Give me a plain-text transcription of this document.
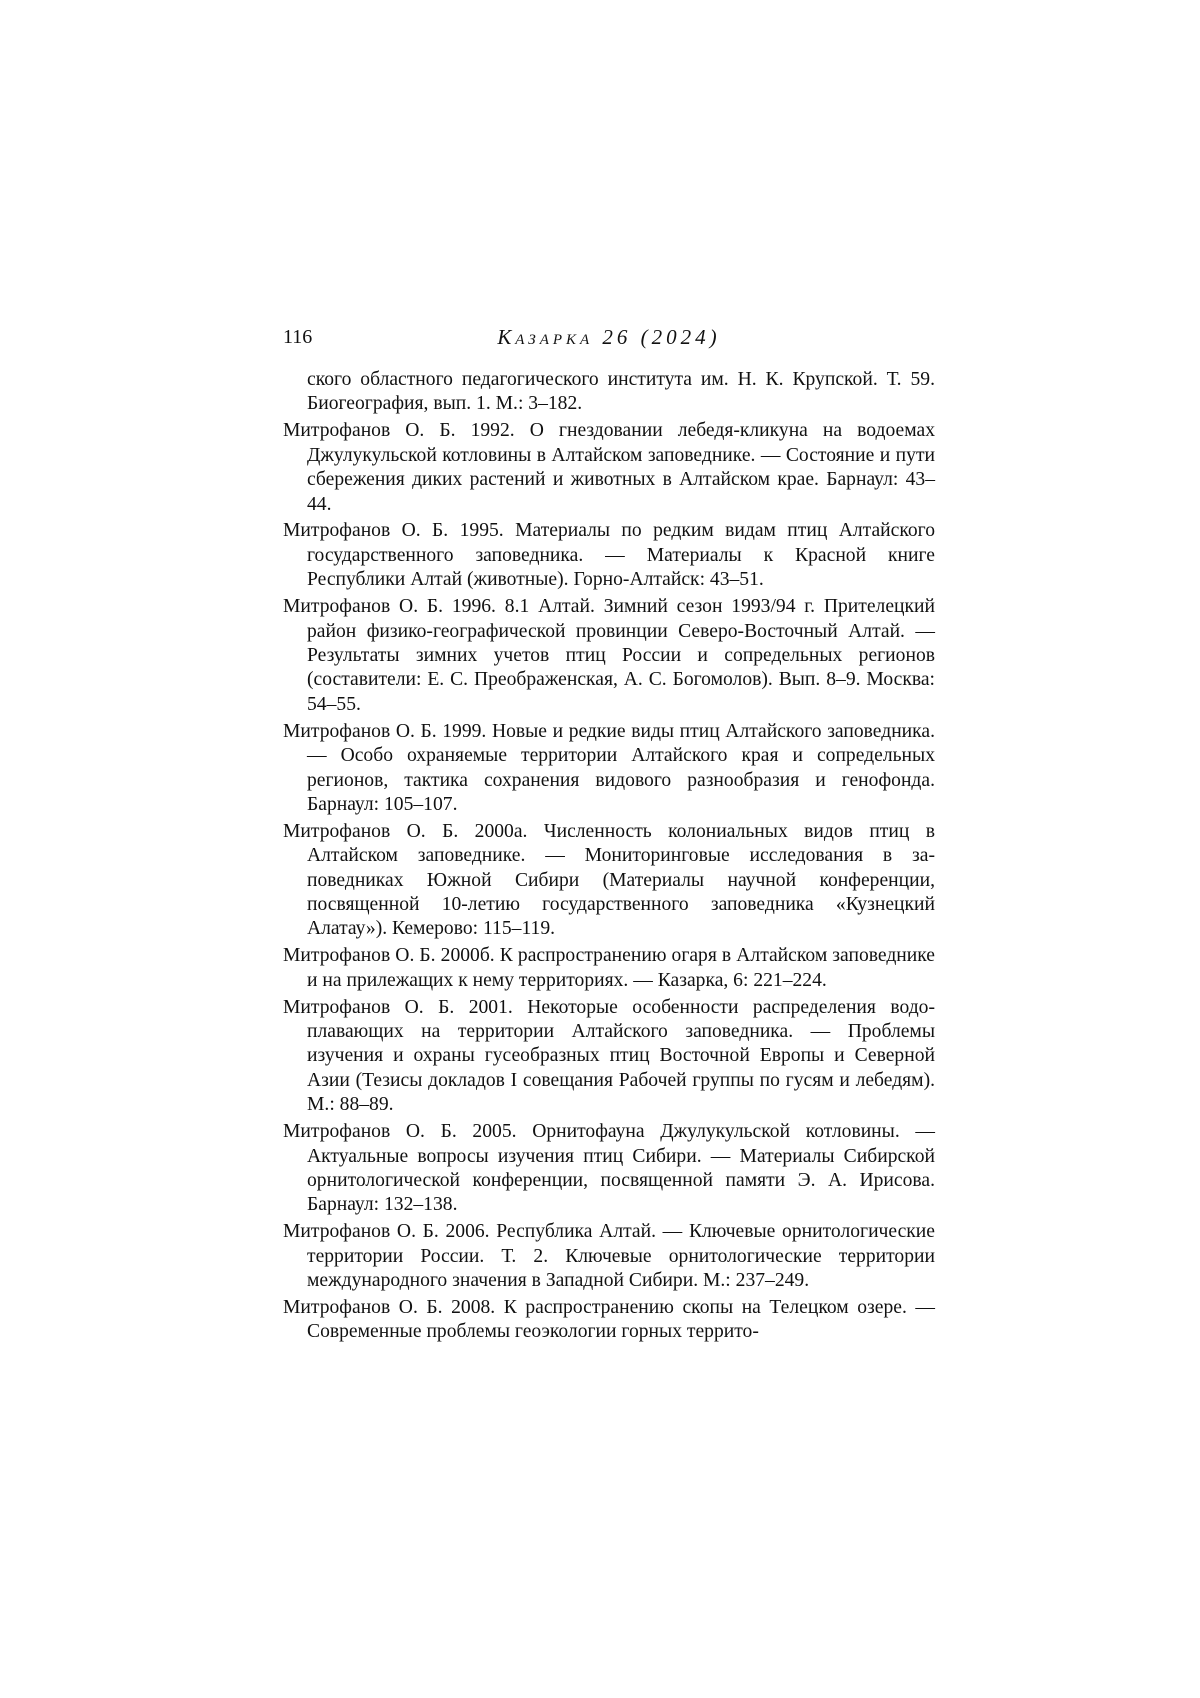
116	Казарка 26 (2024)

ского областного педагогического института им. Н. К. Крупской. Т. 59. Биогеография, вып. 1. М.: 3–182.

Митрофанов О. Б. 1992. О гнездовании лебедя-кликуна на водоемах Джулукульской котловины в Алтайском заповеднике. — Состоя­ние и пути сбережения диких растений и животных в Алтайском крае. Барнаул: 43–44.

Митрофанов О. Б. 1995. Материалы по редким видам птиц Алтайско­го государственного заповедника. — Материалы к Красной книге Республики Алтай (животные). Горно-Алтайск: 43–51.

Митрофанов О. Б. 1996. 8.1 Алтай. Зимний сезон 1993/94 г. Прителец­кий район физико-географической провинции Северо-Восточный Алтай. — Результаты зимних учетов птиц России и сопредельных регионов (составители: Е. С. Преображенская, А. С. Богомолов). Вып. 8–9. Москва: 54–55.

Митрофанов О. Б. 1999. Новые и редкие виды птиц Алтайского запо­ведника. — Особо охраняемые территории Алтайского края и со­предельных регионов, тактика сохранения видового разнообразия и генофонда. Барнаул: 105–107.

Митрофанов О. Б. 2000а. Численность колониальных видов птиц в Алтайском заповеднике. — Мониторинговые исследования в за­поведниках Южной Сибири (Материалы научной конференции, посвященной 10-летию государственного заповедника «Кузнецкий Алатау»). Кемерово: 115–119.

Митрофанов О. Б. 2000б. К распространению огаря в Алтайском за­поведнике и на прилежащих к нему территориях. — Казарка, 6: 221–224.

Митрофанов О. Б. 2001. Некоторые особенности распределения водо­плавающих на территории Алтайского заповедника. — Проблемы изучения и охраны гусеобразных птиц Восточной Европы и Север­ной Азии (Тезисы докладов I совещания Рабочей группы по гусям и лебедям). М.: 88–89.

Митрофанов О. Б. 2005. Орнитофауна Джулукульской котловины. — Актуальные вопросы изучения птиц Сибири. — Материалы Си­бирской орнитологической конференции, посвященной памяти Э. А. Ирисова. Барнаул: 132–138.

Митрофанов О. Б. 2006. Республика Алтай. — Ключевые орнитоло­гические территории России. Т. 2. Ключевые орнитологические территории международного значения в Западной Сибири. М.: 237–249.

Митрофанов О. Б. 2008. К распространению скопы на Телецком озере. — Современные проблемы геоэкологии горных террито-
